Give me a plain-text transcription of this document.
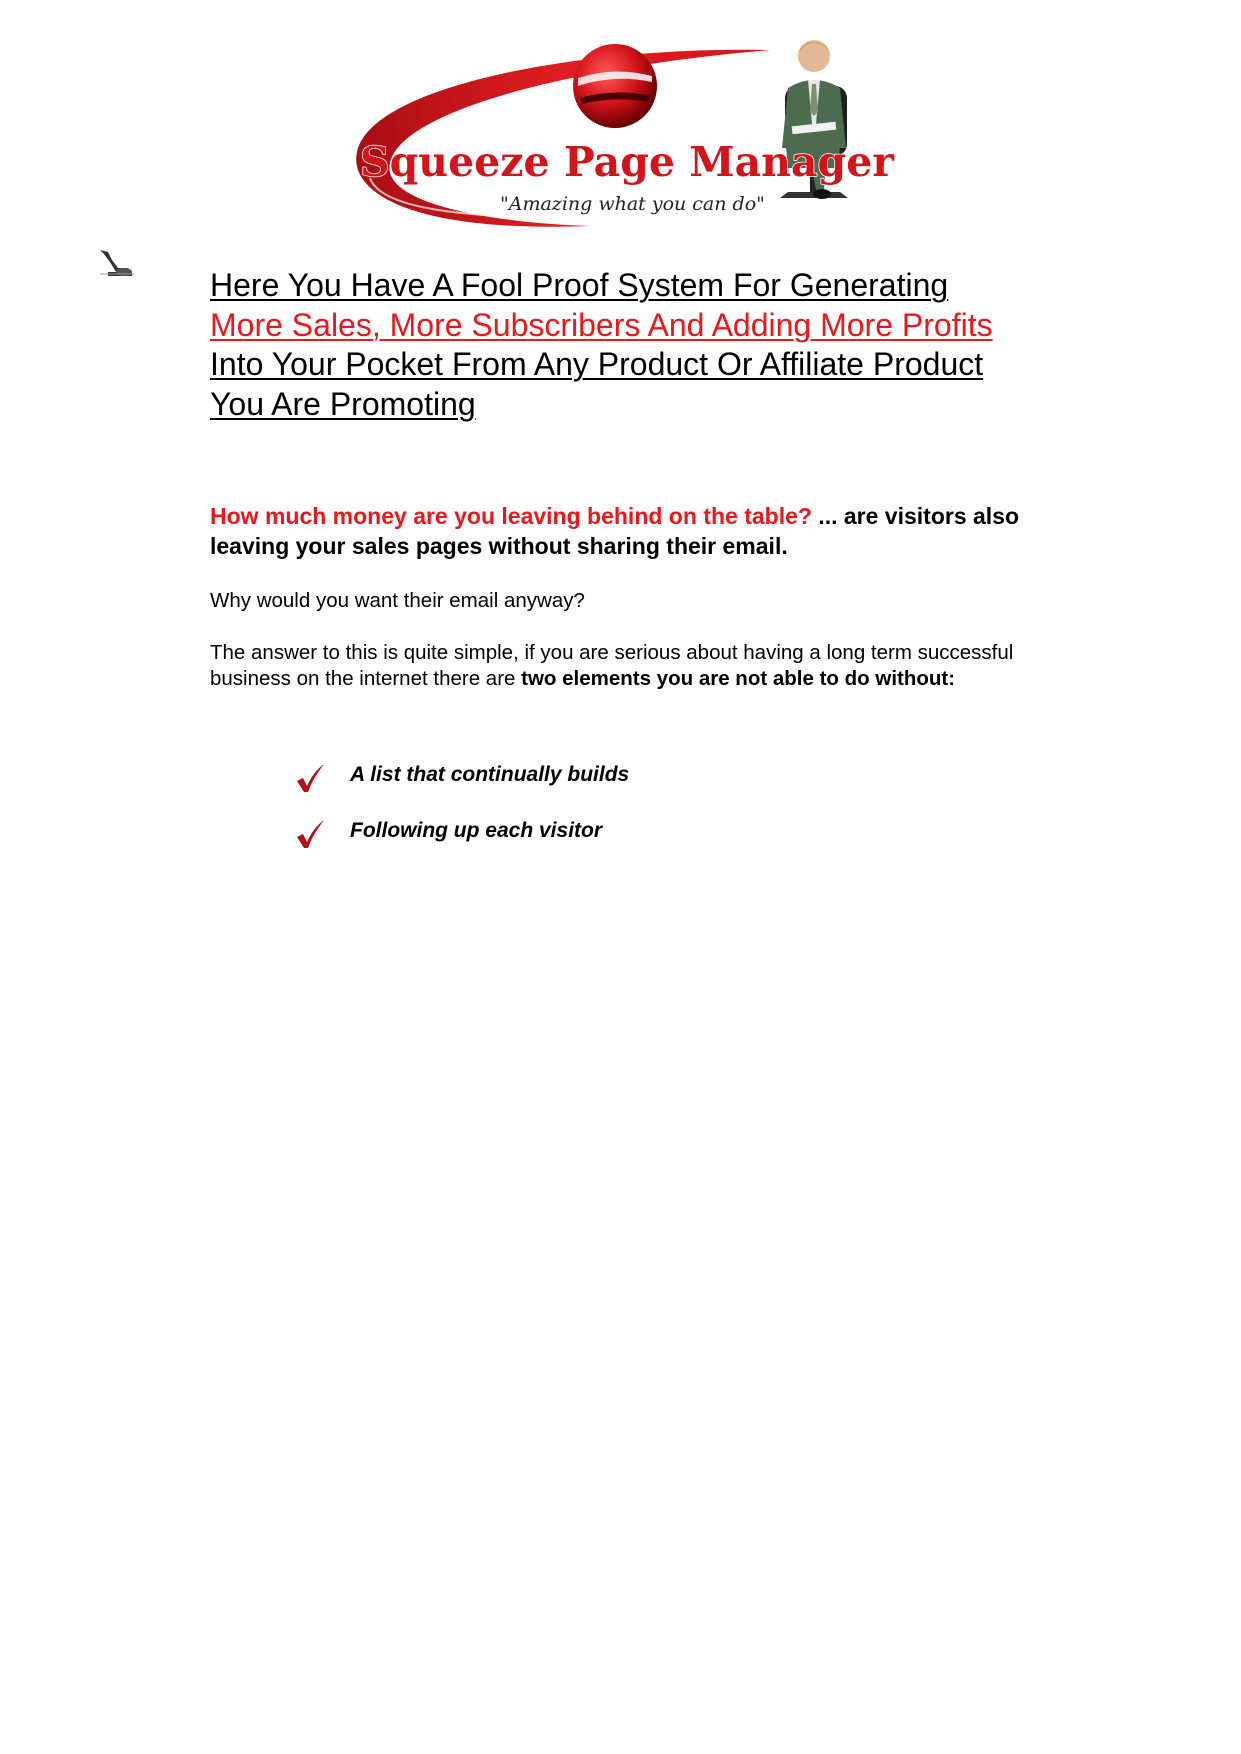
Squeeze Page Manager
"Amazing what you can do"
Here You Have A Fool Proof System For Generating
More Sales, More Subscribers And Adding More Profits
Into Your Pocket From Any Product Or Affiliate Product
You Are Promoting

How much money are you leaving behind on the table? ... are visitors also leaving your sales pages without sharing their email.

Why would you want their email anyway?

The answer to this is quite simple, if you are serious about having a long term successful business on the internet there are two elements you are not able to do without:

A list that continually builds
Following up each visitor
